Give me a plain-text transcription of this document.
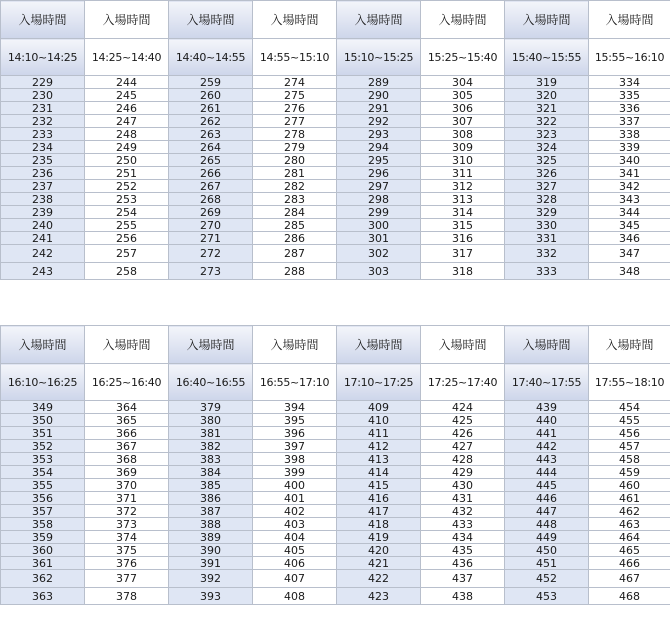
入場時間	入場時間	入場時間	入場時間	入場時間	入場時間	入場時間	入場時間
14:10~14:25	14:25~14:40	14:40~14:55	14:55~15:10	15:10~15:25	15:25~15:40	15:40~15:55	15:55~16:10
229	244	259	274	289	304	319	334
230	245	260	275	290	305	320	335
231	246	261	276	291	306	321	336
232	247	262	277	292	307	322	337
233	248	263	278	293	308	323	338
234	249	264	279	294	309	324	339
235	250	265	280	295	310	325	340
236	251	266	281	296	311	326	341
237	252	267	282	297	312	327	342
238	253	268	283	298	313	328	343
239	254	269	284	299	314	329	344
240	255	270	285	300	315	330	345
241	256	271	286	301	316	331	346
242	257	272	287	302	317	332	347
243	258	273	288	303	318	333	348
入場時間	入場時間	入場時間	入場時間	入場時間	入場時間	入場時間	入場時間
16:10~16:25	16:25~16:40	16:40~16:55	16:55~17:10	17:10~17:25	17:25~17:40	17:40~17:55	17:55~18:10
349	364	379	394	409	424	439	454
350	365	380	395	410	425	440	455
351	366	381	396	411	426	441	456
352	367	382	397	412	427	442	457
353	368	383	398	413	428	443	458
354	369	384	399	414	429	444	459
355	370	385	400	415	430	445	460
356	371	386	401	416	431	446	461
357	372	387	402	417	432	447	462
358	373	388	403	418	433	448	463
359	374	389	404	419	434	449	464
360	375	390	405	420	435	450	465
361	376	391	406	421	436	451	466
362	377	392	407	422	437	452	467
363	378	393	408	423	438	453	468
